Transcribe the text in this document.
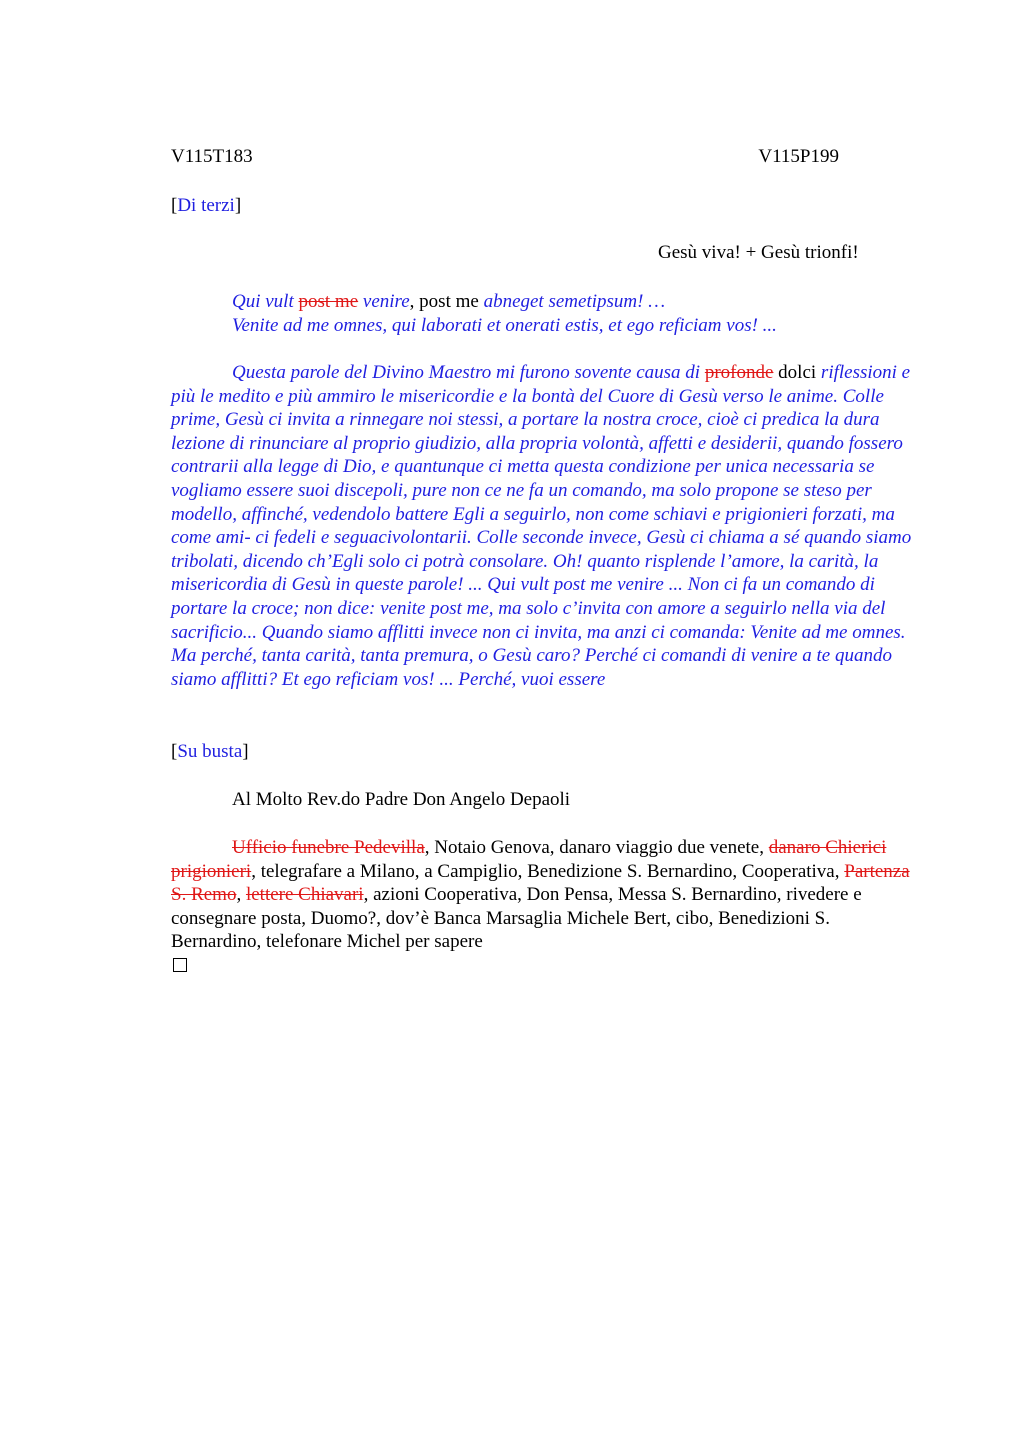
V115T183	V115P199
[Di terzi]
Gesù viva! + Gesù trionfi!
Qui vult post me venire, post me abneget semetipsum! …
Venite ad me omnes, qui laborati et onerati estis, et ego reficiam vos! ...
Questa parole del Divino Maestro mi furono sovente causa di profonde dolci riflessioni e più le medito e più ammiro le misericordie e la bontà del Cuore di Gesù verso le anime. Colle prime, Gesù ci invita a rinnegare noi stessi, a portare la nostra croce, cioè ci predica la dura lezione di rinunciare al proprio giudizio, alla propria volontà, affetti e desiderii, quando fossero contrarii alla legge di Dio, e quantunque ci metta questa condizione per unica necessaria se vogliamo essere suoi discepoli, pure non ce ne fa un comando, ma solo propone se steso per modello, affinché, vedendolo battere Egli a seguirlo, non come schiavi e prigionieri forzati, ma come ami- ci fedeli e seguacivolontarii. Colle seconde invece, Gesù ci chiama a sé quando siamo tribolati, dicendo ch’Egli solo ci potrà consolare. Oh! quanto risplende l’amore, la carità, la misericordia di Gesù in queste parole! ... Qui vult post me venire ... Non ci fa un comando di portare la croce; non dice: venite post me, ma solo c’invita con amore a seguirlo nella via del sacrificio... Quando siamo afflitti invece non ci invita, ma anzi ci comanda: Venite ad me omnes. Ma perché, tanta carità, tanta premura, o Gesù caro? Perché ci comandi di venire a te quando siamo afflitti? Et ego reficiam vos! ... Perché, vuoi essere
[Su busta]
Al Molto Rev.do Padre Don Angelo Depaoli
Ufficio funebre Pedevilla, Notaio Genova, danaro viaggio due venete, danaro Chierici prigionieri, telegrafare a Milano, a Campiglio, Benedizione S. Bernardino, Cooperativa, Partenza S. Remo, lettere Chiavari, azioni Cooperativa, Don Pensa, Messa S. Bernardino, rivedere e consegnare posta, Duomo?, dov’è Banca Marsaglia Michele Bert, cibo, Benedizioni S. Bernardino, telefonare Michel per sapere
